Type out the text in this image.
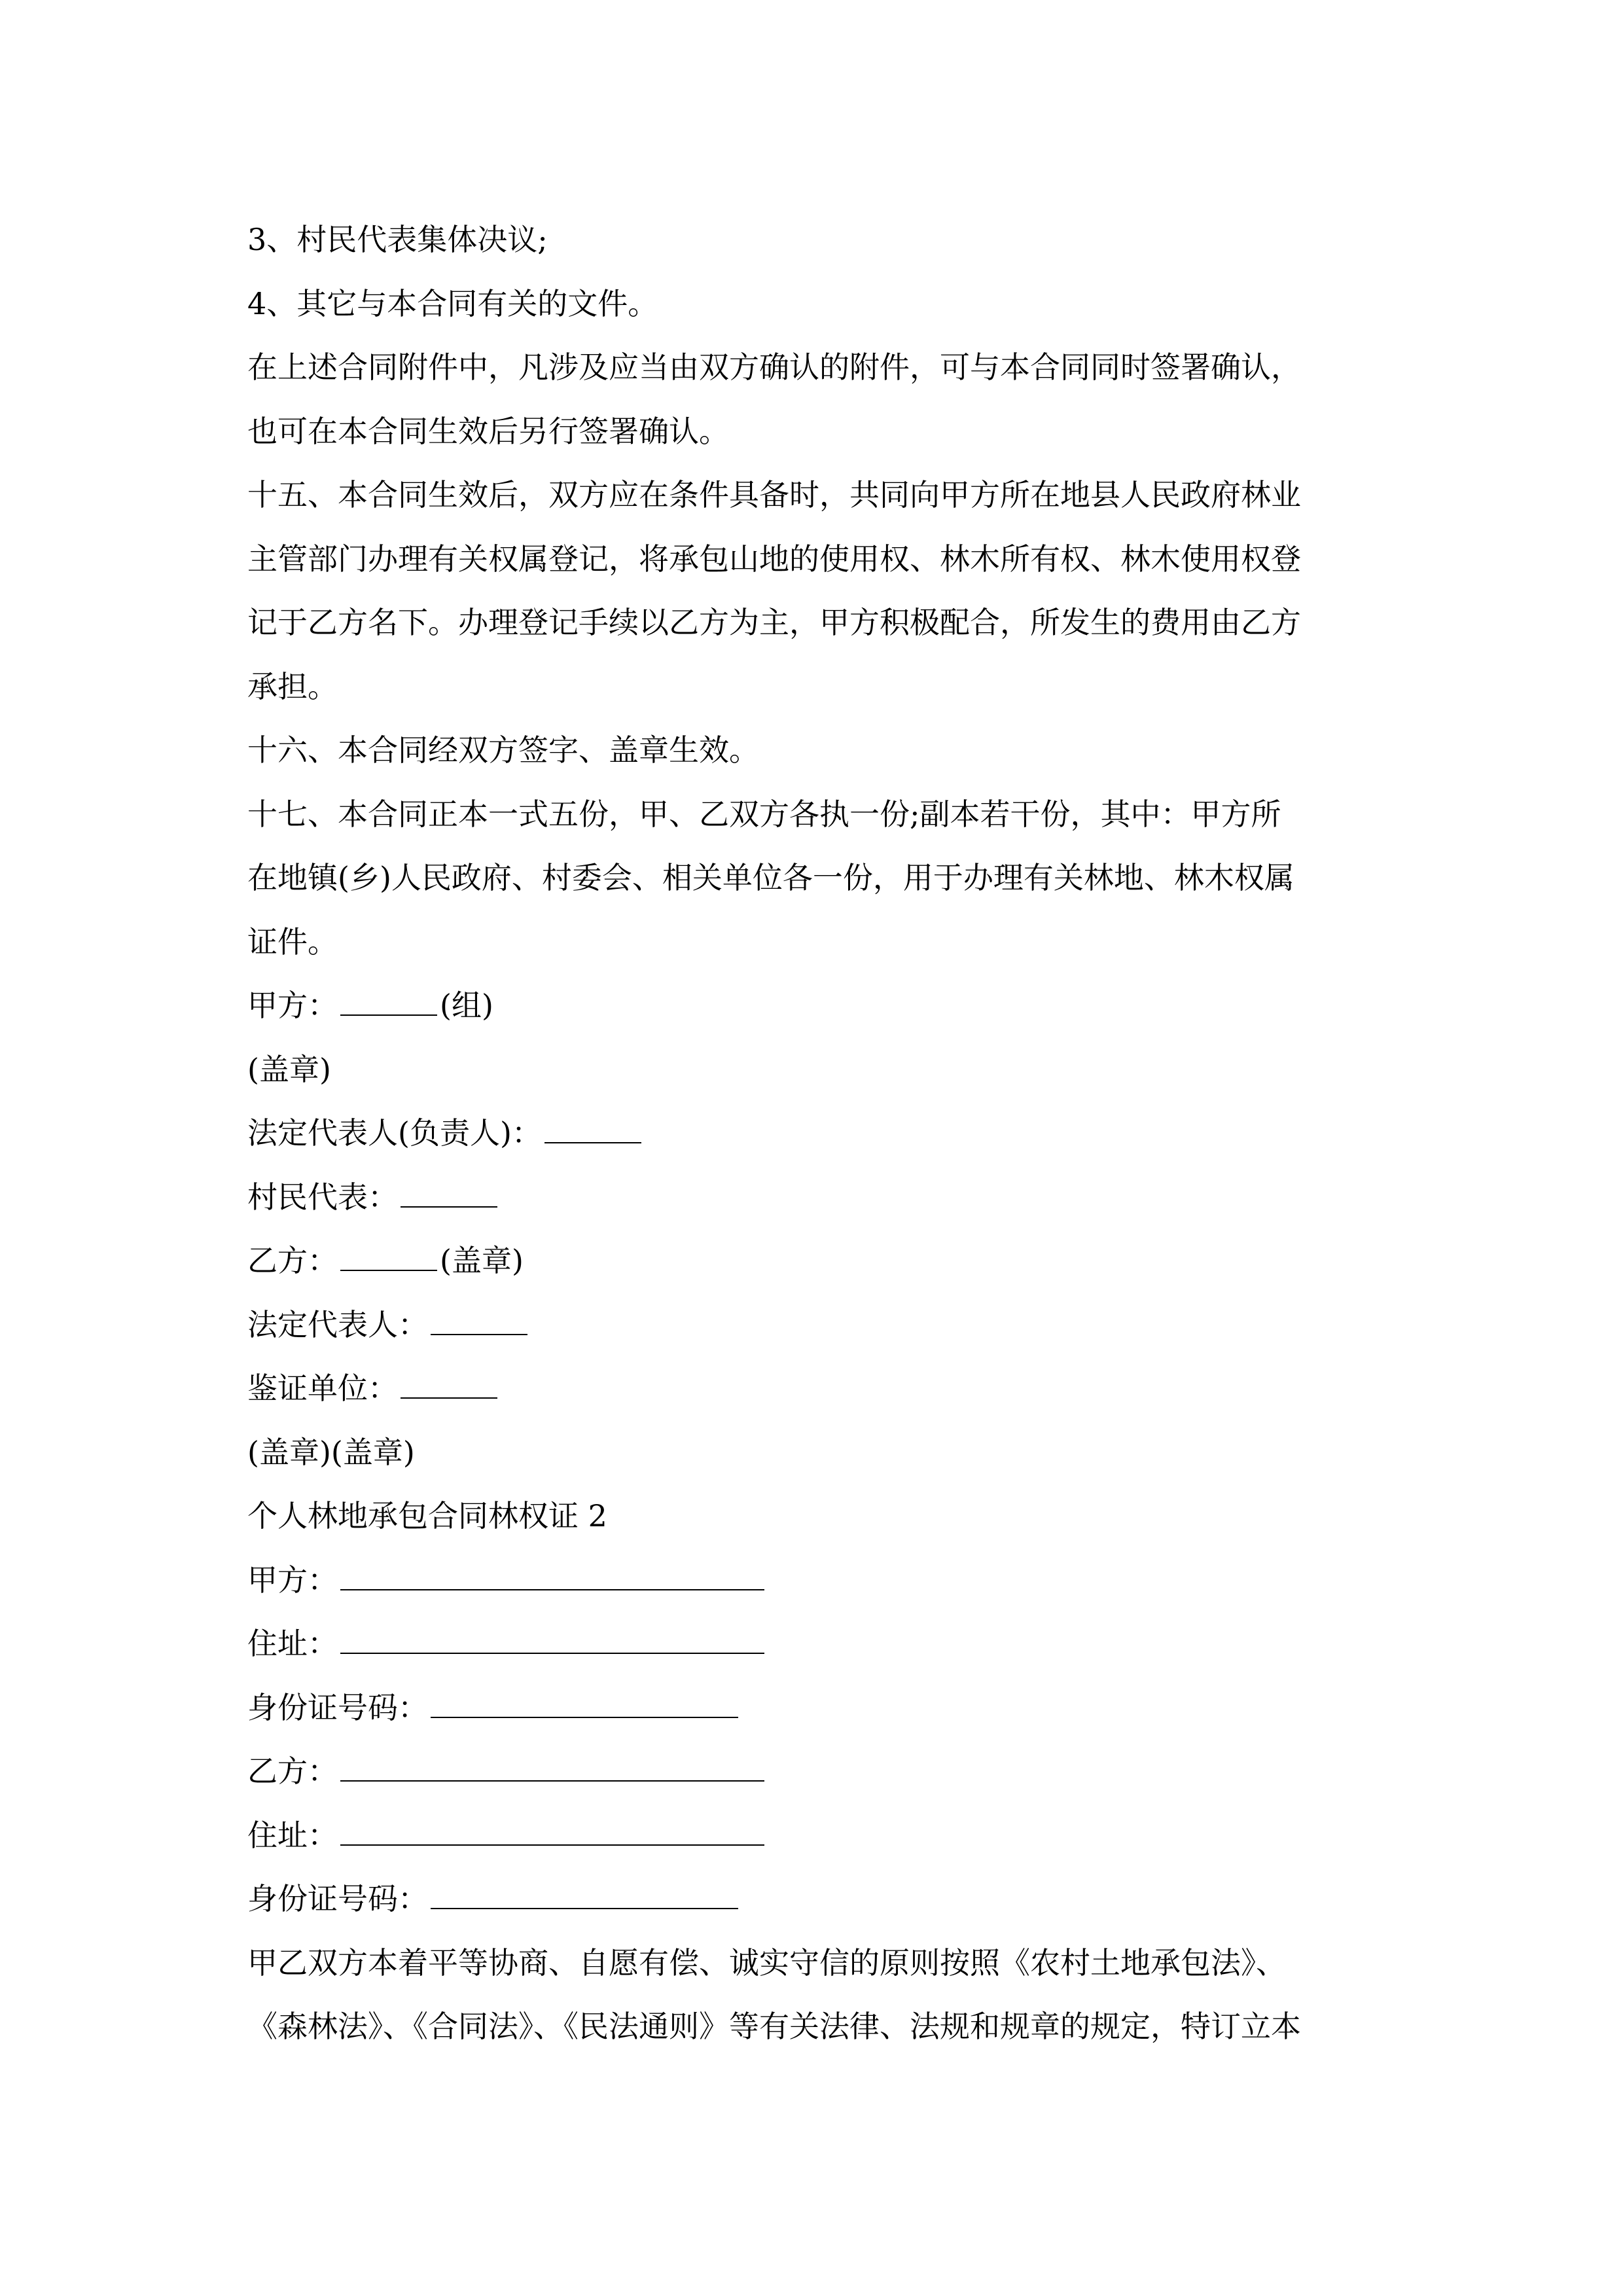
3、村民代表集体决议;
4、其它与本合同有关的文件。
在上述合同附件中，凡涉及应当由双方确认的附件，可与本合同同时签署确认，
也可在本合同生效后另行签署确认。
十五、本合同生效后，双方应在条件具备时，共同向甲方所在地县人民政府林业
主管部门办理有关权属登记，将承包山地的使用权、林木所有权、林木使用权登
记于乙方名下。办理登记手续以乙方为主，甲方积极配合，所发生的费用由乙方
承担。
十六、本合同经双方签字、盖章生效。
十七、本合同正本一式五份，甲、乙双方各执一份;副本若干份，其中：甲方所
在地镇(乡)人民政府、村委会、相关单位各一份，用于办理有关林地、林木权属
证件。
甲方：	(组)
(盖章)
法定代表人(负责人)：
村民代表：
乙方：	(盖章)
法定代表人：
鉴证单位：
(盖章)(盖章)
个人林地承包合同林权证 2
甲方：
住址：
身份证号码：
乙方：
住址：
身份证号码：
甲乙双方本着平等协商、自愿有偿、诚实守信的原则按照《农村土地承包法》、
《森林法》、《合同法》、《民法通则》等有关法律、法规和规章的规定，特订立本
